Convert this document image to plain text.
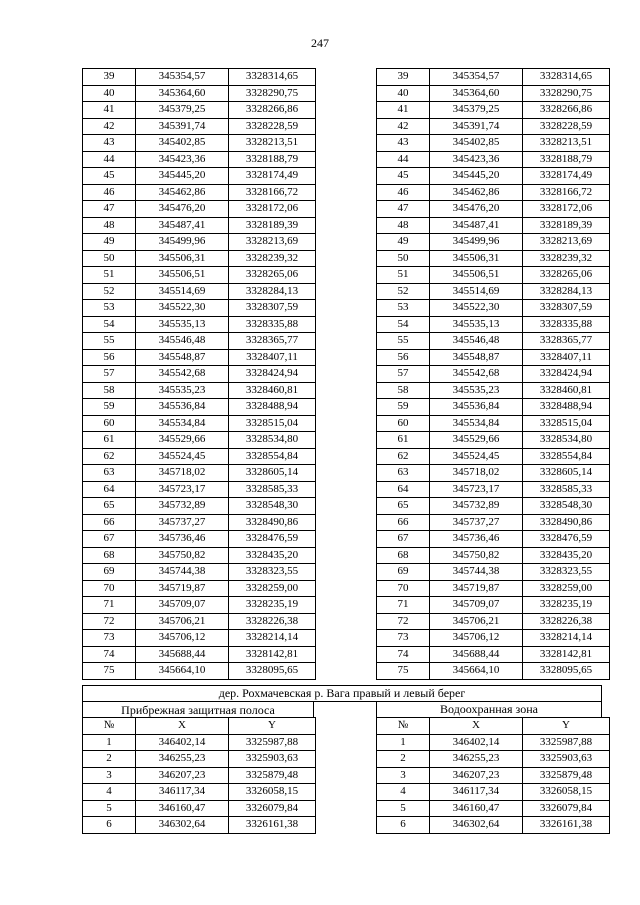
247
39	345354,57	3328314,65
40	345364,60	3328290,75
41	345379,25	3328266,86
42	345391,74	3328228,59
43	345402,85	3328213,51
44	345423,36	3328188,79
45	345445,20	3328174,49
46	345462,86	3328166,72
47	345476,20	3328172,06
48	345487,41	3328189,39
49	345499,96	3328213,69
50	345506,31	3328239,32
51	345506,51	3328265,06
52	345514,69	3328284,13
53	345522,30	3328307,59
54	345535,13	3328335,88
55	345546,48	3328365,77
56	345548,87	3328407,11
57	345542,68	3328424,94
58	345535,23	3328460,81
59	345536,84	3328488,94
60	345534,84	3328515,04
61	345529,66	3328534,80
62	345524,45	3328554,84
63	345718,02	3328605,14
64	345723,17	3328585,33
65	345732,89	3328548,30
66	345737,27	3328490,86
67	345736,46	3328476,59
68	345750,82	3328435,20
69	345744,38	3328323,55
70	345719,87	3328259,00
71	345709,07	3328235,19
72	345706,21	3328226,38
73	345706,12	3328214,14
74	345688,44	3328142,81
75	345664,10	3328095,65
39	345354,57	3328314,65
40	345364,60	3328290,75
41	345379,25	3328266,86
42	345391,74	3328228,59
43	345402,85	3328213,51
44	345423,36	3328188,79
45	345445,20	3328174,49
46	345462,86	3328166,72
47	345476,20	3328172,06
48	345487,41	3328189,39
49	345499,96	3328213,69
50	345506,31	3328239,32
51	345506,51	3328265,06
52	345514,69	3328284,13
53	345522,30	3328307,59
54	345535,13	3328335,88
55	345546,48	3328365,77
56	345548,87	3328407,11
57	345542,68	3328424,94
58	345535,23	3328460,81
59	345536,84	3328488,94
60	345534,84	3328515,04
61	345529,66	3328534,80
62	345524,45	3328554,84
63	345718,02	3328605,14
64	345723,17	3328585,33
65	345732,89	3328548,30
66	345737,27	3328490,86
67	345736,46	3328476,59
68	345750,82	3328435,20
69	345744,38	3328323,55
70	345719,87	3328259,00
71	345709,07	3328235,19
72	345706,21	3328226,38
73	345706,12	3328214,14
74	345688,44	3328142,81
75	345664,10	3328095,65
дер. Рохмачевская р. Вага правый и левый берег
Прибрежная защитная полоса	Водоохранная зона
№	X	Y
1	346402,14	3325987,88
2	346255,23	3325903,63
3	346207,23	3325879,48
4	346117,34	3326058,15
5	346160,47	3326079,84
6	346302,64	3326161,38
№	X	Y
1	346402,14	3325987,88
2	346255,23	3325903,63
3	346207,23	3325879,48
4	346117,34	3326058,15
5	346160,47	3326079,84
6	346302,64	3326161,38
